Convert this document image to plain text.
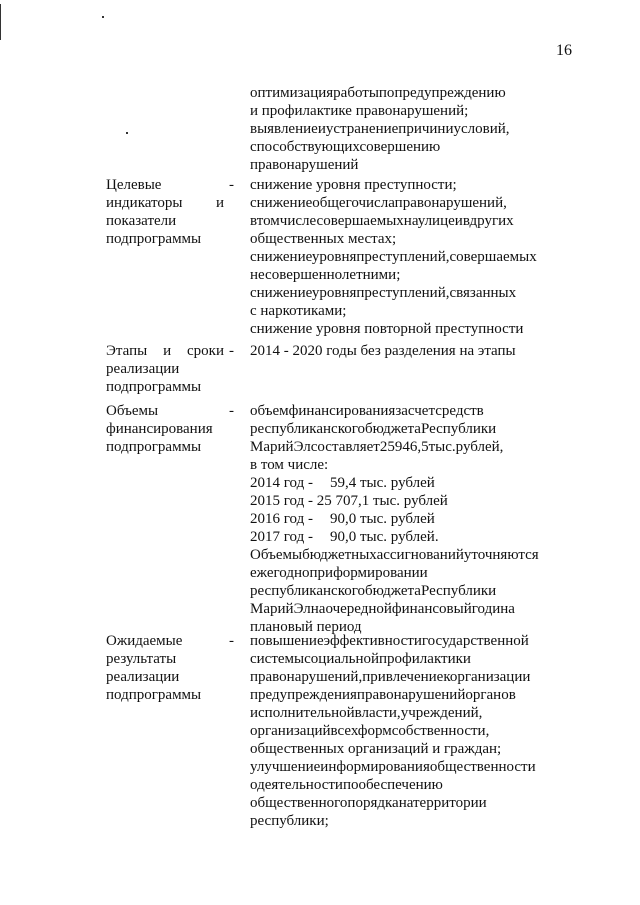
16
оптимизацияработыпопредупреждению
и профилактике правонарушений;
выявлениеиустранениепричиниусловий,
способствующихсовершению
правонарушений
Целевые
индикаторы и
показатели
подпрограммы
- снижение уровня преступности;
снижениеобщегочислаправонарушений,
втомчислесовершаемыхнаулицеивдругих
общественных местах;
снижениеуровняпреступлений,совершаемых
несовершеннолетними;
снижениеуровняпреступлений,связанных
с наркотиками;
снижение уровня повторной преступности
Этапы и сроки
реализации
подпрограммы
- 2014 - 2020 годы без разделения на этапы
Объемы
финансирования
подпрограммы
- объемфинансированиязасчетсредств
республиканскогобюджетаРеспублики
МарийЭлсоставляет25946,5тыс.рублей,
в том числе:
2014 год - 59,4 тыс. рублей
2015 год - 25 707,1 тыс. рублей
2016 год - 90,0 тыс. рублей
2017 год - 90,0 тыс. рублей.
Объемыбюджетныхассигнованийуточняются
ежегодноприформировании
республиканскогобюджетаРеспублики
МарийЭлнаочереднойфинансовыйгодина
плановый период
Ожидаемые
результаты
реализации
подпрограммы
- повышениеэффективностигосударственной
системысоциальнойпрофилактики
правонарушений,привлечениекорганизации
предупрежденияправонарушенийорганов
исполнительнойвласти,учреждений,
организацийвсехформсобственности,
общественных организаций и граждан;
улучшениеинформированияобщественности
одеятельностипообеспечению
общественногопорядканатерритории
республики;
